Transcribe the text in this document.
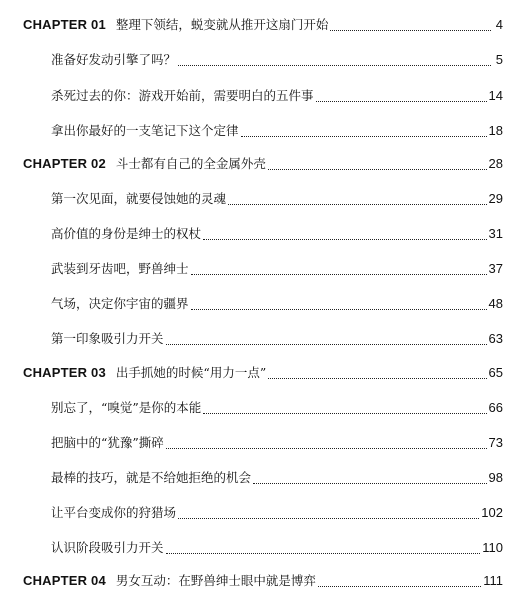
CHAPTER 01 整理下领结，蜕变就从推开这扇门开始	4
准备好发动引擎了吗？	5
杀死过去的你：游戏开始前，需要明白的五件事	14
拿出你最好的一支笔记下这个定律	18
CHAPTER 02 斗士都有自己的全金属外壳	28
第一次见面，就要侵蚀她的灵魂	29
高价值的身份是绅士的权杖	31
武装到牙齿吧，野兽绅士	37
气场，决定你宇宙的疆界	48
第一印象吸引力开关	63
CHAPTER 03 出手抓她的时候“用力一点”	65
别忘了，“嗅觉”是你的本能	66
把脑中的“犹豫”撕碎	73
最棒的技巧，就是不给她拒绝的机会	98
让平台变成你的狩猎场	102
认识阶段吸引力开关	110
CHAPTER 04 男女互动：在野兽绅士眼中就是博弈	111
